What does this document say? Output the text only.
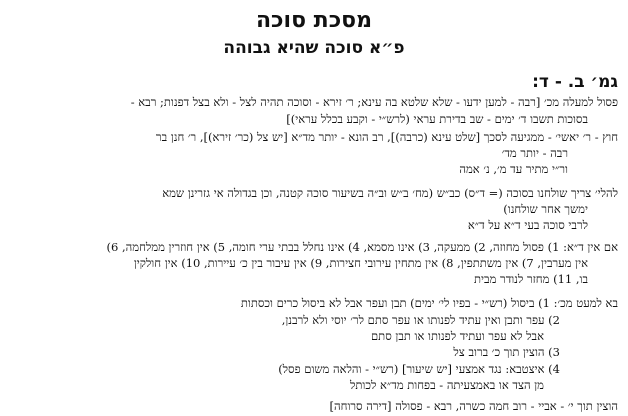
מסכת סוכה
פ״א סוכה שהיא גבוהה
גמ׳ ב. - ד:
פסול למעלה מכ׳ [רבה - למען ידעו - שלא שלטא בה עינא; ר׳ זירא - וסוכה תהיה לצל - ולא בצל דפנות; רבא -
בסוכות תשבו ד׳ ימים - שב בדירת עראי (לרש״י - וקבע בכלל עראי)]
חוץ - ר׳ יאשי׳ - ממגיעה לסכך [שלט עינא (כרבה)], רב הונא - יותר מד״א [יש צל (כר׳ זירא)], ר׳ חנן בר
רבה - יותר מד׳
ור״י מתיר עד מ׳, נ׳ אמה
להלי׳ צריך שולחנו בסוכה (= ד״ס) כב״ש (מח׳ ב״ש וב״ה בשיעור סוכה קטנה, וכן בגדולה אי גזרינן שמא
ימשך אחר שולחנו)
לרבי סוכה בעי ד״א על ד״א
אם אין ד״א: 1) פסול מחוזה, 2) ממעקה, 3) אינו מסמא, 4) אינו נחלל בבתי ערי חומה, 5) אין חוזרין ממלחמה, 6)
אין מערבין, 7) אין משתתפין, 8) אין מתחין עירובי חצירות, 9) אין עיבור בין כ׳ עיירות, 10) אין חולקין
בו, 11) מחזר לנודר מבית
בא למעט מכ׳: 1) ביסול (רש״י - בפיו לי׳ ימים) תבן ועפר אבל לא ביסול כרים וכסתות
2) עפר ותבן ואין עתיד לפנותו או עפר סתם לר׳ יוסי ולא לרבנן,
אבל לא עפר ועתיד לפנותו או תבן סתם
3) הוצין תוך כ׳ ברוב צל
4) איצטבא: נגד אמצעי [יש שיעור] (רש״י - והלאה משום פסל)
מן הצד או באמצעיתה - בפחות מד״א לכותל
הוצין תוך י׳ - אביי - רוב חמה כשרה, רבא - פסולה [דירה סרוחה]
